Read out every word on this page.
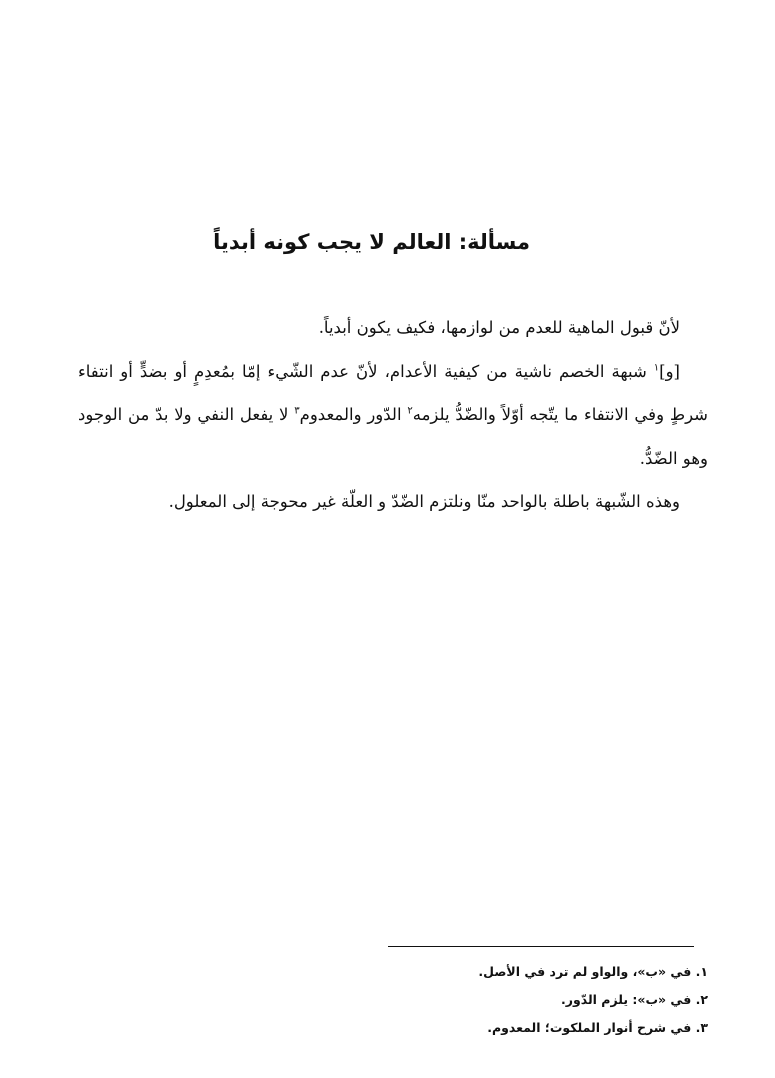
مسألة: العالم لا يجب كونه أبدياً

لأنّ قبول الماهية للعدم من لوازمها، فكيف يكون أبدياً.

[و]$^١$ شبهة الخصم ناشية من كيفية الأعدام، لأنّ عدم الشّيء إمّا بمُعدِمٍ أو بضدٍّ أو انتفاء شرطٍ وفي الانتفاء ما يتّجه أوّلاً والضّدُّ يلزمه$^٢$ الدّور والمعدوم$^٣$ لا يفعل النفي ولا بدّ من الوجود وهو الضّدُّ.

وهذه الشّبهة باطلة بالواحد منّا ونلتزم الضّدّ و العلّة غير محوجة إلى المعلول.

١. في «ب»، والواو لم ترد في الأصل.
٢. في «ب»: يلزم الدّور.
٣. في شرح أنوار الملكوت؛ المعدوم.
